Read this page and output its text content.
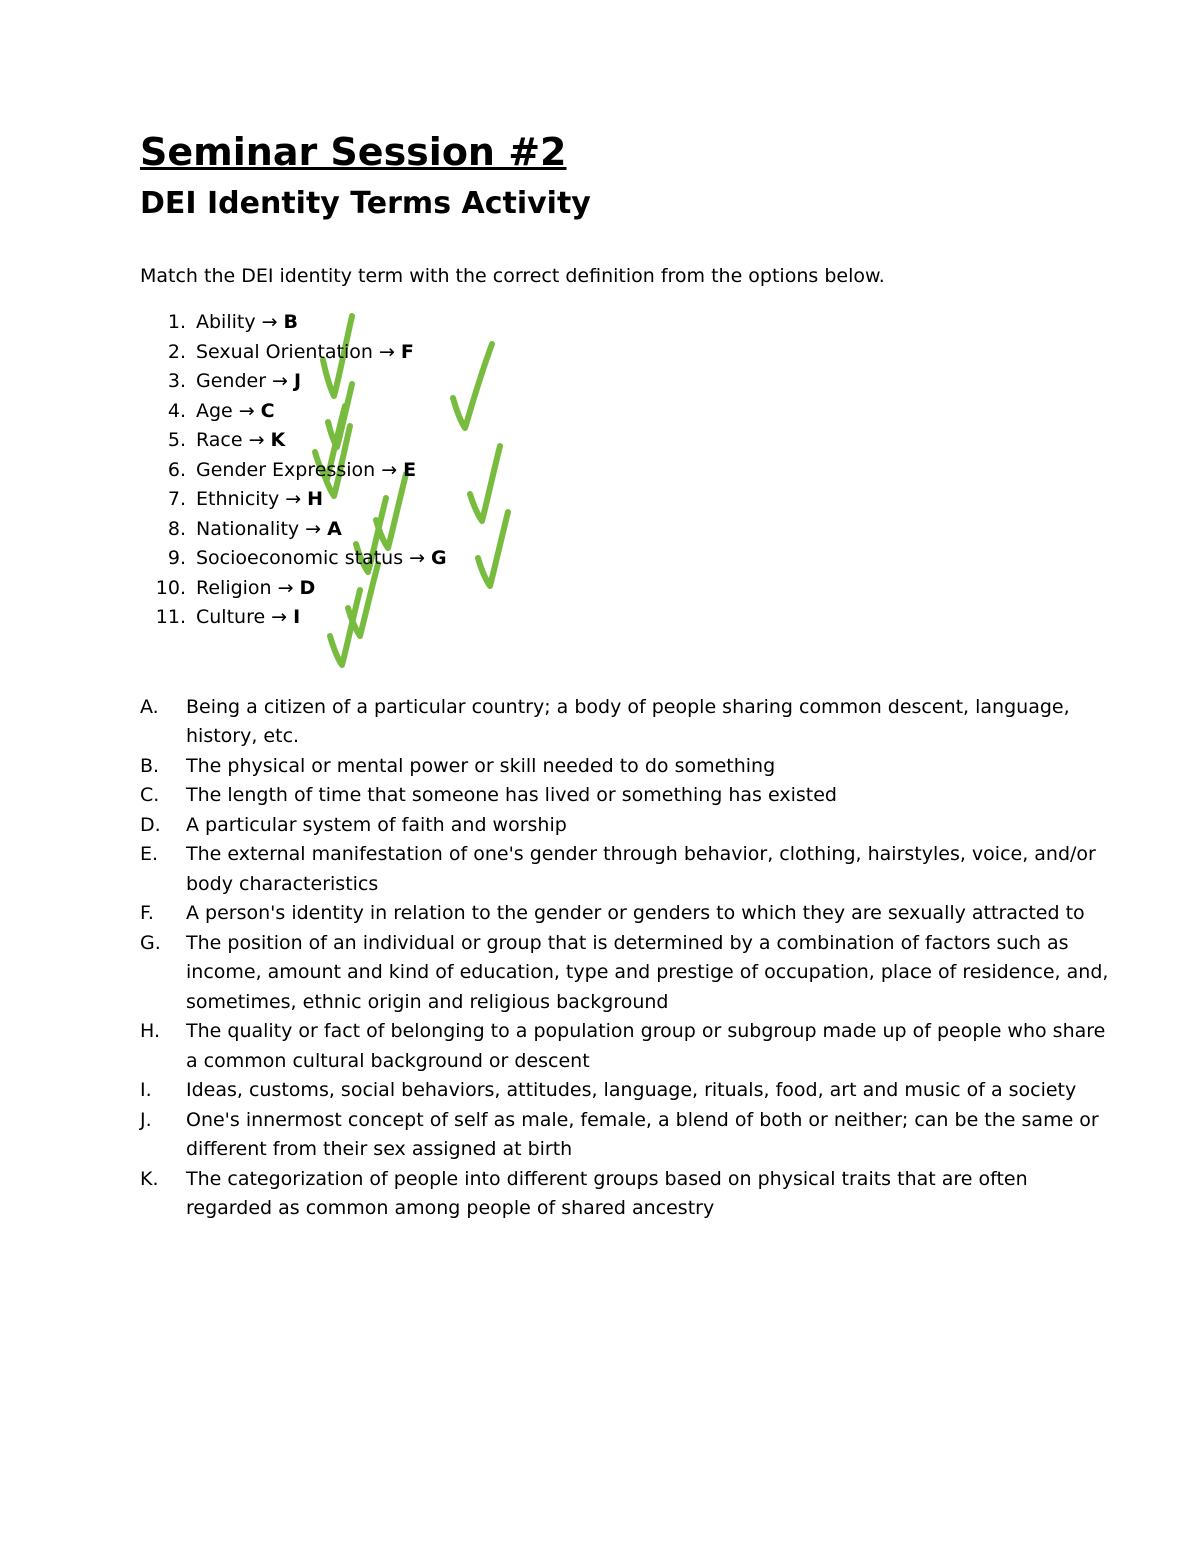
Seminar Session #2
DEI Identity Terms Activity

Match the DEI identity term with the correct definition from the options below.

1. Ability → B
2. Sexual Orientation → F
3. Gender → J
4. Age → C
5. Race → K
6. Gender Expression → E
7. Ethnicity → H
8. Nationality → A
9. Socioeconomic status → G
10. Religion → D
11. Culture → I
A.	Being a citizen of a particular country; a body of people sharing common descent, language, history, etc.
B.	The physical or mental power or skill needed to do something
C.	The length of time that someone has lived or something has existed
D.	A particular system of faith and worship
E.	The external manifestation of one's gender through behavior, clothing, hairstyles, voice, and/or body characteristics
F.	A person's identity in relation to the gender or genders to which they are sexually attracted to
G.	The position of an individual or group that is determined by a combination of factors such as income, amount and kind of education, type and prestige of occupation, place of residence, and, sometimes, ethnic origin and religious background
H.	The quality or fact of belonging to a population group or subgroup made up of people who share a common cultural background or descent
I.	Ideas, customs, social behaviors, attitudes, language, rituals, food, art and music of a society
J.	One's innermost concept of self as male, female, a blend of both or neither; can be the same or different from their sex assigned at birth
K.	The categorization of people into different groups based on physical traits that are often regarded as common among people of shared ancestry
